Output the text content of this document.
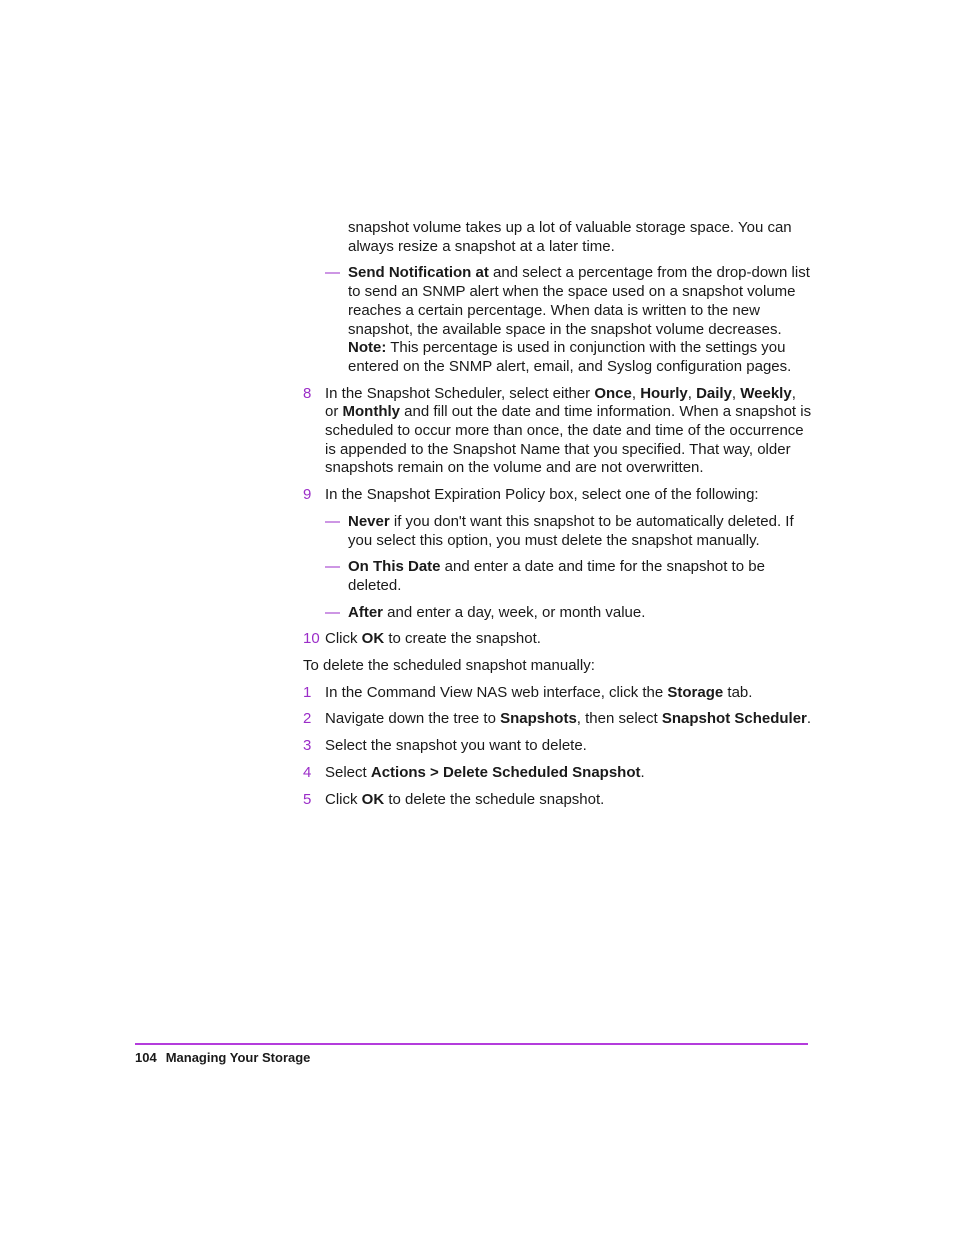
snapshot volume takes up a lot of valuable storage space. You can always resize a snapshot at a later time.
— Send Notification at and select a percentage from the drop-down list to send an SNMP alert when the space used on a snapshot volume reaches a certain percentage. When data is written to the new snapshot, the available space in the snapshot volume decreases. Note: This percentage is used in conjunction with the settings you entered on the SNMP alert, email, and Syslog configuration pages.
8 In the Snapshot Scheduler, select either Once, Hourly, Daily, Weekly, or Monthly and fill out the date and time information. When a snapshot is scheduled to occur more than once, the date and time of the occurrence is appended to the Snapshot Name that you specified. That way, older snapshots remain on the volume and are not overwritten.
9 In the Snapshot Expiration Policy box, select one of the following:
— Never if you don't want this snapshot to be automatically deleted. If you select this option, you must delete the snapshot manually.
— On This Date and enter a date and time for the snapshot to be deleted.
— After and enter a day, week, or month value.
10 Click OK to create the snapshot.
To delete the scheduled snapshot manually:
1 In the Command View NAS web interface, click the Storage tab.
2 Navigate down the tree to Snapshots, then select Snapshot Scheduler.
3 Select the snapshot you want to delete.
4 Select Actions > Delete Scheduled Snapshot.
5 Click OK to delete the schedule snapshot.
104 Managing Your Storage
